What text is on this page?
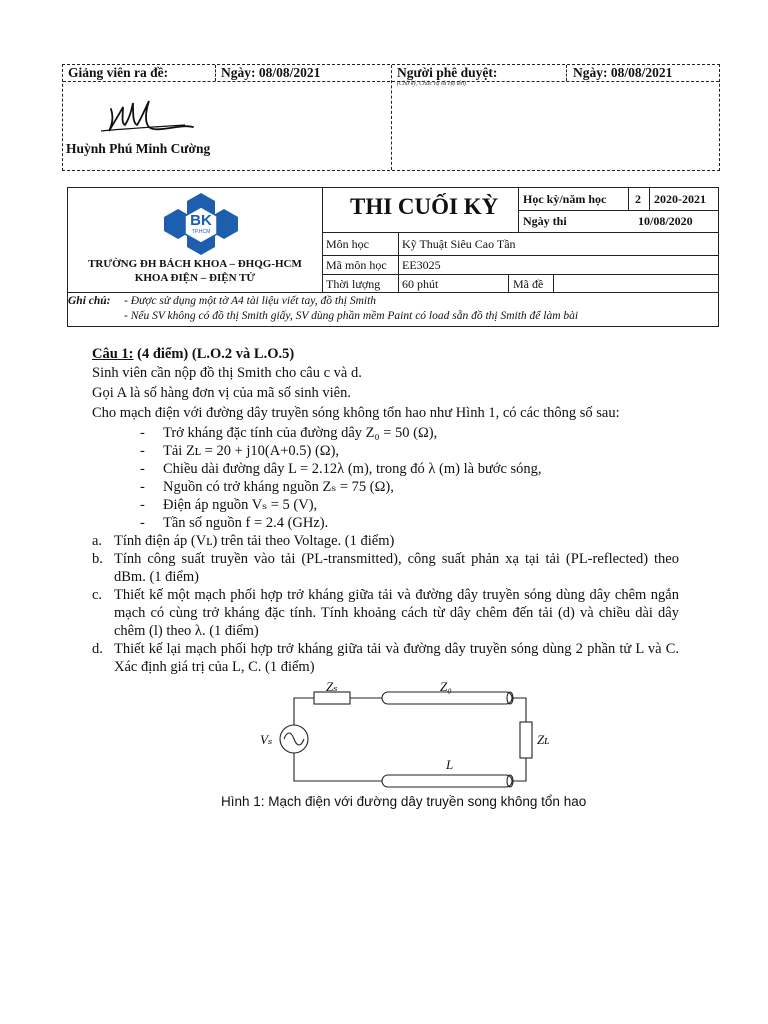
Giảng viên ra đề:	Ngày: 08/08/2021	Người phê duyệt:	Ngày: 08/08/2021
(Chữ ký, Chức vụ và Họ tên)
Huỳnh Phú Minh Cường
BK
TP.HCM
TRƯỜNG ĐH BÁCH KHOA – ĐHQG-HCM
KHOA ĐIỆN – ĐIỆN TỬ
THI CUỐI KỲ Học kỳ/năm học 2 2020-2021
Ngày thi	10/08/2020
Môn học	Kỹ Thuật Siêu Cao Tần
Mã môn học EE3025
Thời lượng 60 phút	Mã đề
Ghi chú: - Được sử dụng một tờ A4 tài liệu viết tay, đồ thị Smith
- Nếu SV không có đồ thị Smith giấy, SV dùng phần mềm Paint có load sẵn đồ thị Smith để làm bài
Câu 1: (4 điểm) (L.O.2 và L.O.5)
Sinh viên cần nộp đồ thị Smith cho câu c và d.
Gọi A là số hàng đơn vị của mã số sinh viên.
Cho mạch điện với đường dây truyền sóng không tổn hao như Hình 1, có các thông số sau:
- Trở kháng đặc tính của đường dây Z₀ = 50 (Ω),
- Tải Zʟ = 20 + j10(A+0.5) (Ω),
- Chiều dài đường dây L = 2.12λ (m), trong đó λ (m) là bước sóng,
- Nguồn có trở kháng nguồn Zₛ = 75 (Ω),
- Điện áp nguồn Vₛ = 5 (V),
- Tần số nguồn f = 2.4 (GHz).
a. Tính điện áp (Vʟ) trên tải theo Voltage. (1 điểm)
b. Tính công suất truyền vào tải (PL-transmitted), công suất phản xạ tại tải (PL-reflected) theo dBm. (1 điểm)
c. Thiết kế một mạch phối hợp trở kháng giữa tải và đường dây truyền sóng dùng dây chêm ngắn mạch có cùng trở kháng đặc tính. Tính khoảng cách từ dây chêm đến tải (d) và chiều dài dây chêm (l) theo λ. (1 điểm)
d. Thiết kế lại mạch phối hợp trở kháng giữa tải và đường dây truyền sóng dùng 2 phần tử L và C. Xác định giá trị của L, C. (1 điểm)
Zₛ	Z₀
Zʟ
Vₛ
L
Hình 1: Mạch điện với đường dây truyền song không tổn hao
